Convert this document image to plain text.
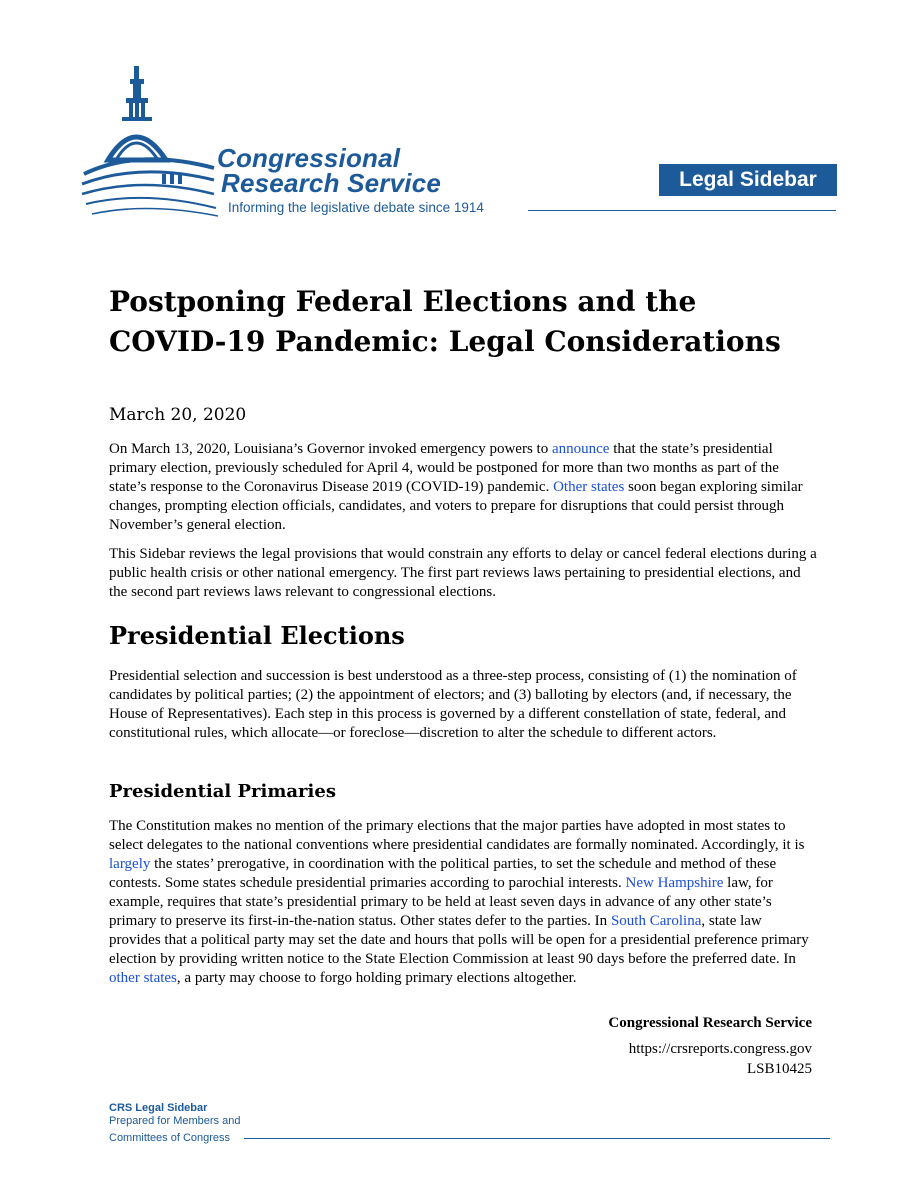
Congressional
Research Service
Informing the legislative debate since 1914
Legal Sidebar
Postponing Federal Elections and the COVID-19 Pandemic: Legal Considerations
March 20, 2020
On March 13, 2020, Louisiana’s Governor invoked emergency powers to announce that the state’s presidential primary election, previously scheduled for April 4, would be postponed for more than two months as part of the state’s response to the Coronavirus Disease 2019 (COVID-19) pandemic. Other states soon began exploring similar changes, prompting election officials, candidates, and voters to prepare for disruptions that could persist through November’s general election.
This Sidebar reviews the legal provisions that would constrain any efforts to delay or cancel federal elections during a public health crisis or other national emergency. The first part reviews laws pertaining to presidential elections, and the second part reviews laws relevant to congressional elections.
Presidential Elections
Presidential selection and succession is best understood as a three-step process, consisting of (1) the nomination of candidates by political parties; (2) the appointment of electors; and (3) balloting by electors (and, if necessary, the House of Representatives). Each step in this process is governed by a different constellation of state, federal, and constitutional rules, which allocate—or foreclose—discretion to alter the schedule to different actors.
Presidential Primaries
The Constitution makes no mention of the primary elections that the major parties have adopted in most states to select delegates to the national conventions where presidential candidates are formally nominated. Accordingly, it is largely the states’ prerogative, in coordination with the political parties, to set the schedule and method of these contests. Some states schedule presidential primaries according to parochial interests. New Hampshire law, for example, requires that state’s presidential primary to be held at least seven days in advance of any other state’s primary to preserve its first-in-the-nation status. Other states defer to the parties. In South Carolina, state law provides that a political party may set the date and hours that polls will be open for a presidential preference primary election by providing written notice to the State Election Commission at least 90 days before the preferred date. In other states, a party may choose to forgo holding primary elections altogether.
Congressional Research Service
https://crsreports.congress.gov
LSB10425
CRS Legal Sidebar
Prepared for Members and
Committees of Congress
